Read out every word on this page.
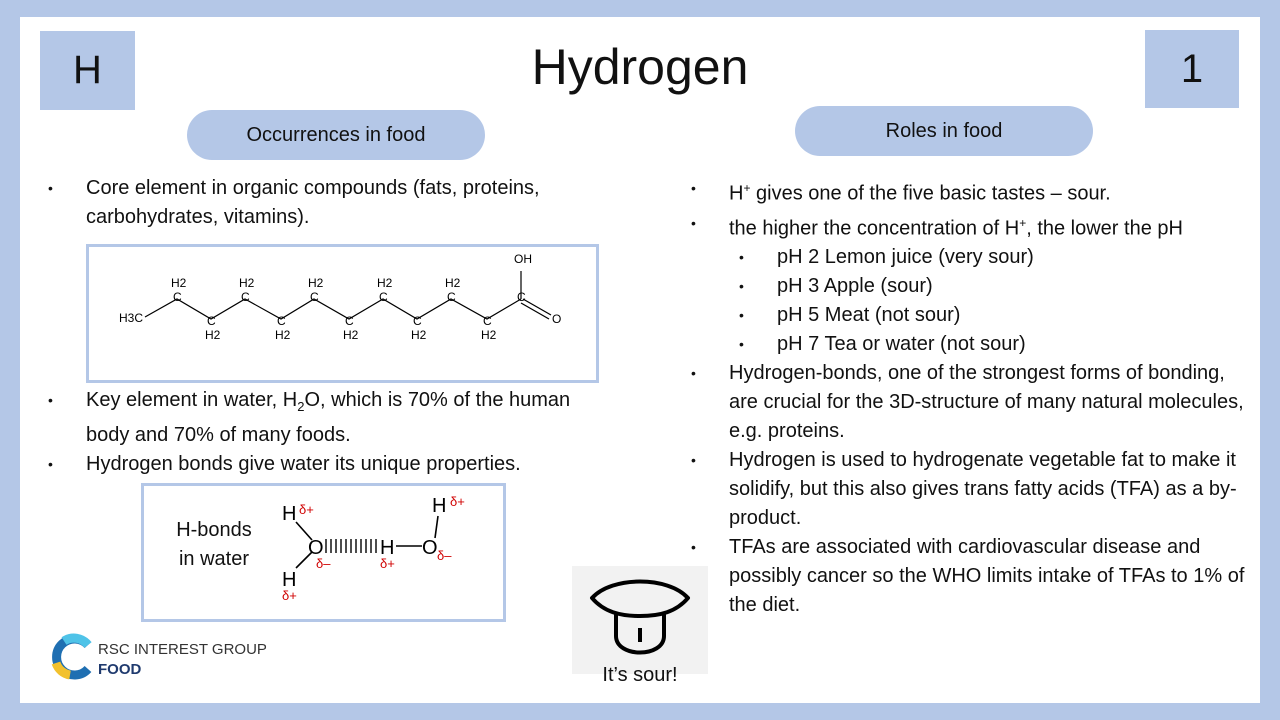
H	Hydrogen	1
Occurrences in food	Roles in food
• Core element in organic compounds (fats, proteins, carbohydrates, vitamins).
H3C
C
H2
C
H2
C
H2
C
H2
C
H2
C
H2
C
H2
C
H2
C
H2
C
H2
C
OH
O
• Key element in water, $H_2O$, which is 70% of the human body and 70% of many foods.
• Hydrogen bonds give water its unique properties.
H-bonds
in water
H
O
H
H O
H
δ+
δ–
δ+
δ+
δ–
δ+
• H+ gives one of the five basic tastes – sour.
• the higher the concentration of H+, the lower the pH
• pH 2 Lemon juice (very sour)
• pH 3 Apple (sour)
• pH 5 Meat (not sour)
• pH 7 Tea or water (not sour)
• Hydrogen-bonds, one of the strongest forms of bonding, are crucial for the 3D-structure of many natural molecules, e.g. proteins.
• Hydrogen is used to hydrogenate vegetable fat to make it solidify, but this also gives trans fatty acids (TFA) as a by-product.
• TFAs are associated with cardiovascular disease and possibly cancer so the WHO limits intake of TFAs to 1% of the diet.
It’s sour!
RSC INTEREST GROUP
FOOD
